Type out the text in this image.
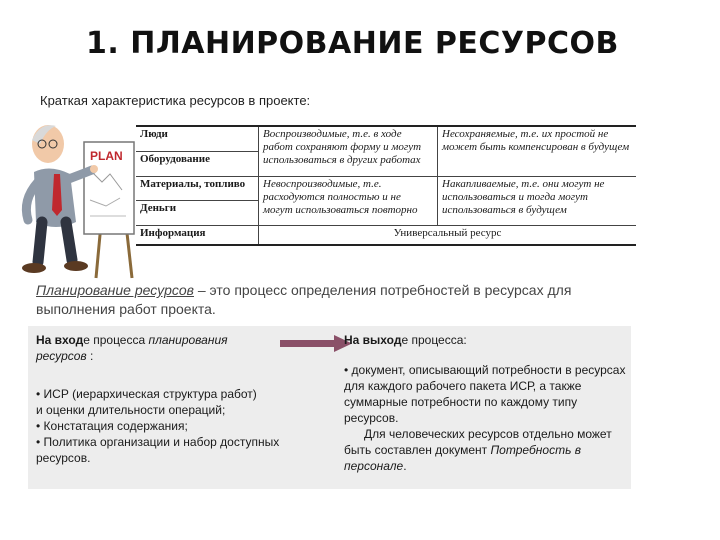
1. ПЛАНИРОВАНИЕ РЕСУРСОВ
Краткая характеристика ресурсов в проекте:
PLAN
Люди	Воспроизводимые, т.е. в ходе работ сохраняют форму и могут использоваться в других работах	Несохраняемые, т.е. их простой не может быть компенсирован в будущем
Оборудование		
Материалы, топливо	Невоспроизводимые, т.е. расходуются полностью и не могут использоваться повторно	Накапливаемые, т.е. они могут не использоваться и тогда могут использоваться в будущем
Деньги		
Информация	Универсальный ресурс	
Планирование ресурсов – это процесс определения потребностей в ресурсах для выполнения работ проекта.
На входе процесса планирования ресурсов :
• ИСР (иерархическая структура работ)
и оценки длительности операций;
• Констатация содержания;
• Политика организации и набор доступных ресурсов.
На выходе процесса:
• документ, описывающий потребности в ресурсах для каждого рабочего пакета ИСР, а также суммарные потребности по каждому типу ресурсов.
Для человеческих ресурсов отдельно может быть составлен документ Потребность в персонале.
